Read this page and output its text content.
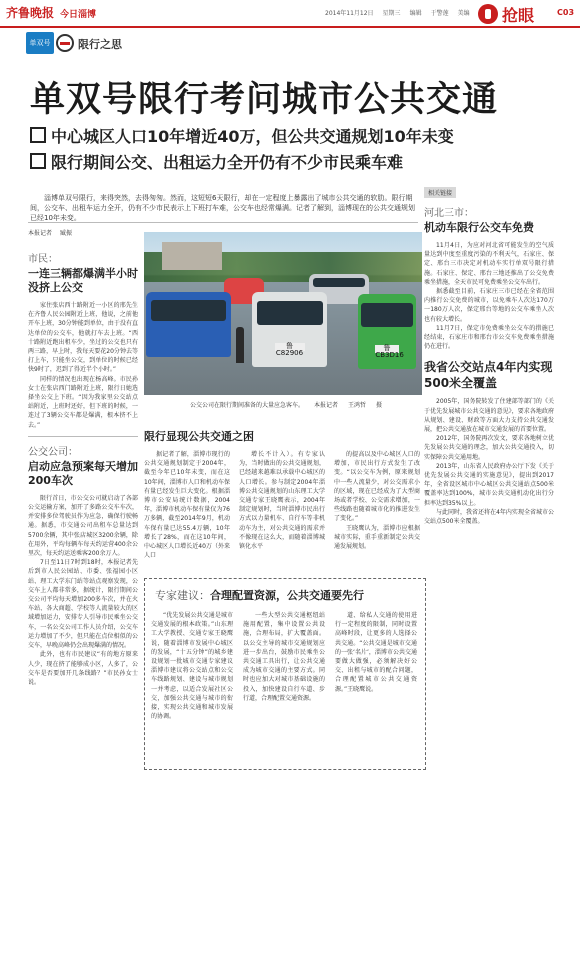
齐鲁晚报 今日淄博	2014年11月12日 星期三 编辑 于警莲 美编	抢眼	C03
单双号	限行之思
单双号限行考问城市公共交通
中心城区人口10年增近40万，但公共交通规划10年未变
限行期间公交、出租运力全开仍有不少市民乘车难

淄博单双号限行，来得突然，去得匆匆。然而，这短短6天限行，却在一定程度上暴露出了城市公共交通的软肋。限行期间，公交车、出租车运力全开，仍有不少市民表示上下班打车难，公交车也经常爆满。记者了解到，淄博现在的公共交通规划已经10年未变。

本报记者 臧振
市民：
一连三辆都爆满半小时没挤上公交

家住张店西十路附近一小区的邢先生在齐鲁人民公园附近上班，他说，之前他开车上班，30分钟能到单位，由于没有直达单位的公交车，他就打车去上班。“西十路附近跑出租车少，坐过的公交也只有两三路，早上时，我每天要花20分钟去等打上车，只能坐公交，到单位的时候已经快9时了，迟到了得近半个小时。”

同样的情况也出现在杨高峰。市民孙女士在张店西门路附近上班，限行日她选择坐公交上下班。“因为我家里公交站点站附近，上班时还好，但下班的时候，一连过了3辆公交车都是爆满，根本挤不上去。”

公交公司：
启动应急预案每天增加200车次

限行首日，市公交公司就启动了各部公交运输方案，加开了多路公交车车次，并安排多位驾驶员作为应急，确保行驶畅通。据悉，市交通公司出租车总量达到5700余辆，其中张店城区3200余辆，除在用外，平均每辆车每天约运营400余公里次，每天约运送乘客200余万人。

7日至11日7时到18时，本报记者先后到市人民公园站、市委、张福园小区站、理工大学东门站等站点观察发现，公交车上人都非常多，据统计，限行期间公交公司平均每天增加200多车次，并在火车站、各大商超、学校等人流量较大的区域增加运力，安排专人引导市民乘坐公交车，一名公交公司工作人员介绍，公交车运力增加了不少，但只能在点位相似的公交车，早晚高峰仍会出现爆满的情况。

此外，也有市民建议“有的地方原来人少，现在挤了能够成小区，人多了，公交车是否要加开几条线路？”市民孙女士说。

鲁C82906
鲁CB3D16
公交公司在限行期间准备的大量应急客车。 本报记者 王鸿哲 摄
限行显现公共交通之困

据记者了解，淄博市现行的公共交通规划制定于2004年，截至今年已10年未变，而在这10年间，淄博市人口和机动车保有量已经发生巨大变化。根据淄博市公安局统计数据，2004年，淄博市机动车保有量仅为76万多辆，截至2014年9月，机动车保有量已达55.4万辆，10年增长了28%，而在这10年间，中心城区人口增长近40万（外来人口

增长不计入）。有专家认为，当时做出的公共交通规划，已经越来越难以承载中心城区的人口增长。参与制定2004年淄博公共交通规划的山东理工大学交通专家王晓鹰表示，2004年制定规划时，当时淄博市民出行方式以力量机车、自行车等非机动车为主，对公共交通的需求并不像现在这么大，而随着淄博城镇化水平

的提高以及中心城区人口的增加，市民出行方式发生了改变。“以公交车为例，原来规划中一些人流量少，对公交需求小的区域，现在已经成为了大型商场或者学校、公交需求增加，一些线路也随着城市化的推进发生了变化。”

王晓鹰认为，淄博市应根据城市实际，重手重新制定公共交通发展规划。

专家建议：合理配置资源，公共交通要先行

“优先发展公共交通是城市交通发展的根本政策。”山东理工大学教授、交通专家王晓鹰说，随着淄博市发展中心城区的发展，“十五分钟”的城乡建设规划一批城市交通专家建议淄博市建议将公交站点和公交车线路规划、建设与城市规划一并考虑，以适合发展社区公交，加强公共交通与城市的衔接，实现公共交通和城市发展的协调。

一些大型公共交通枢纽站施用配置，集中设置公共设施，合理布局，扩大覆盖面。以公交主导的城市交通规划应进一步出台，鼓励市民乘坐公共交通工具出行，让公共交通成为城市交通的主要方式。同时也应加大对城市基础设施的投入，加快建设自行车道、步行道，合理配置交通资源。

道、给私人交通的使用进行一定程度的限制，同时设置高峰时段，让更多的人选择公共交通。“公共交通是城市交通的一张‘名片’，淄博市公共交通要做大做强，必须解决好公交、出租与城市的配合问题，合理配置城市公共交通资源。”王晓鹰说。

相关链接
河北三市：
机动车限行公交车免费

11月4日，为应对河北省可能发生的空气质量达到中度至重度污染的不利天气，石家庄、保定、邢台三市决定对机动车实行单双号限行措施。石家庄、保定、邢台三地还推出了公交免费乘坐措施，全天市民可免费乘坐公交车出行。

据悉截至目前，石家庄三市已经在全省范围内推行公交免费的城市，以免乘车人次达170万一180万人次，保定邢台等地的公交车乘坐人次也有较大增长。

11月7日，保定市免费乘坐公交车的措施已经结束，石家庄市和邢台市公交车免费乘坐措施仍在进行。

我省公交站点4年内实现500米全覆盖

2005年，国务院转发了住建部等部门的《关于优先发展城市公共交通的意见》，要求各地政府从规划、建设、财政等方面大力支持公共交通发展，把公共交通放在城市交通发展的首要位置。

2012年，国务院再次发文，要求各地树立优先发展公共交通的理念，加大公共交通投入，切实保障公共交通用地。

2013年，山东省人民政府办公厅下发《关于优先发展公共交通的实施意见》，提出到2017年，全省设区城市中心城区公共交通站点500米覆盖率达到100%，城市公共交通机动化出行分担率达到35%以上。

与此同时，我省还将在4年内实现全省城市公交站点500米全覆盖。
